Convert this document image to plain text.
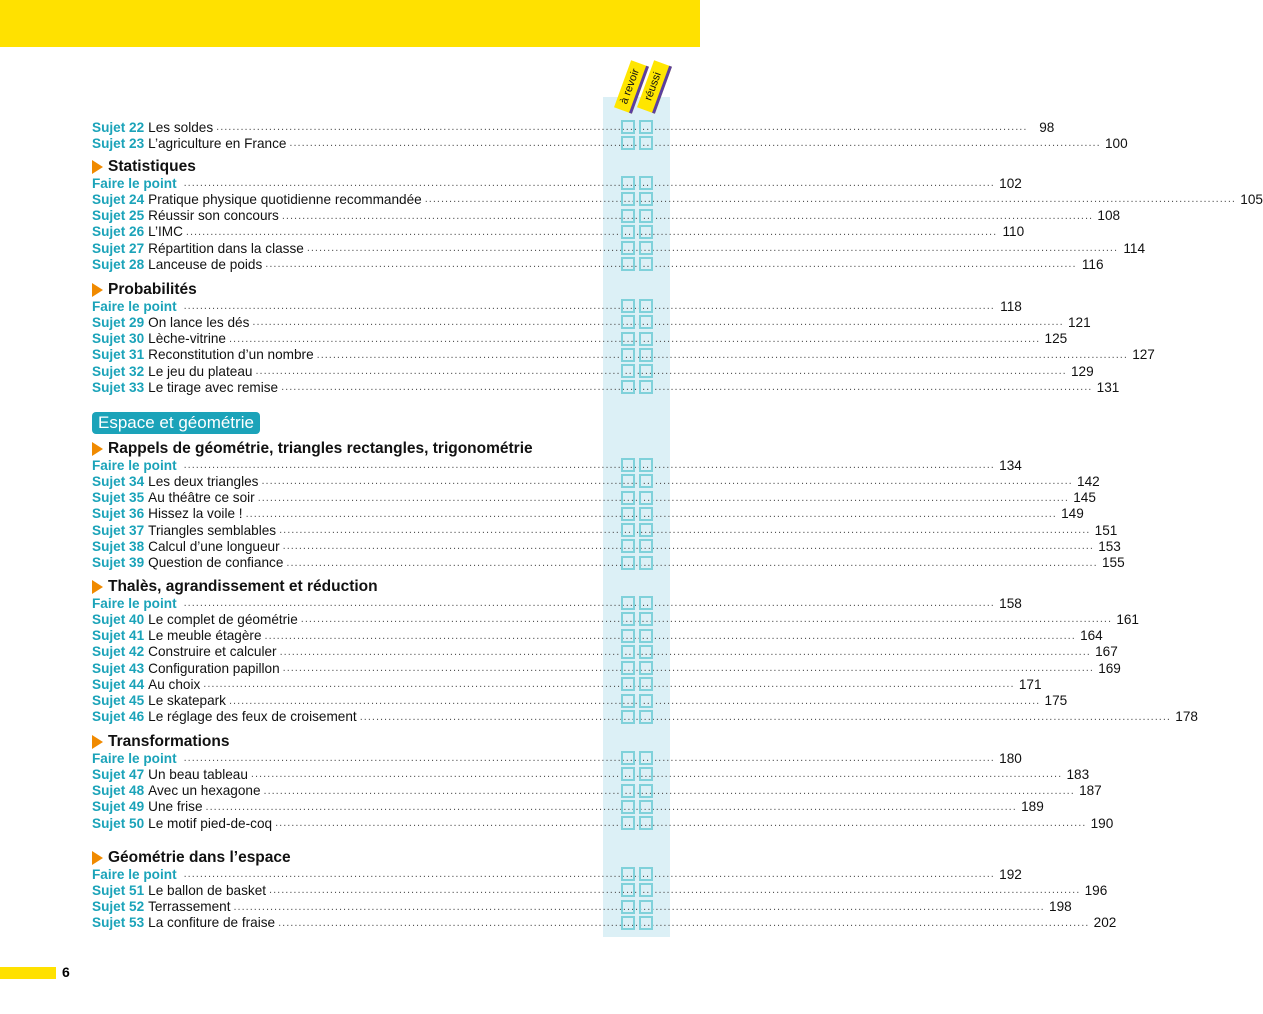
à revoir réussi
Espace et géométrie
Sujet 22 Les soldes ........................................................................................................................................................................................................ 98
Sujet 23 L’agriculture en France ........................................................................................................................................................................................................ 100
Statistiques
Faire le point ........................................................................................................................................................................................................ 102
Sujet 24 Pratique physique quotidienne recommandée ........................................................................................................................................................................................................ 105
Sujet 25 Réussir son concours ........................................................................................................................................................................................................ 108
Sujet 26 L’IMC ........................................................................................................................................................................................................ 110
Sujet 27 Répartition dans la classe ........................................................................................................................................................................................................ 114
Sujet 28 Lanceuse de poids ........................................................................................................................................................................................................ 116
Probabilités
Faire le point ........................................................................................................................................................................................................ 118
Sujet 29 On lance les dés ........................................................................................................................................................................................................ 121
Sujet 30 Lèche-vitrine ........................................................................................................................................................................................................ 125
Sujet 31 Reconstitution d’un nombre ........................................................................................................................................................................................................ 127
Sujet 32 Le jeu du plateau ........................................................................................................................................................................................................ 129
Sujet 33 Le tirage avec remise ........................................................................................................................................................................................................ 131
Rappels de géométrie, triangles rectangles, trigonométrie
Faire le point ........................................................................................................................................................................................................ 134
Sujet 34 Les deux triangles ........................................................................................................................................................................................................ 142
Sujet 35 Au théâtre ce soir ........................................................................................................................................................................................................ 145
Sujet 36 Hissez la voile ! ........................................................................................................................................................................................................ 149
Sujet 37 Triangles semblables ........................................................................................................................................................................................................ 151
Sujet 38 Calcul d’une longueur ........................................................................................................................................................................................................ 153
Sujet 39 Question de confiance ........................................................................................................................................................................................................ 155
Thalès, agrandissement et réduction
Faire le point ........................................................................................................................................................................................................ 158
Sujet 40 Le complet de géométrie ........................................................................................................................................................................................................ 161
Sujet 41 Le meuble étagère ........................................................................................................................................................................................................ 164
Sujet 42 Construire et calculer ........................................................................................................................................................................................................ 167
Sujet 43 Configuration papillon ........................................................................................................................................................................................................ 169
Sujet 44 Au choix ........................................................................................................................................................................................................ 171
Sujet 45 Le skatepark ........................................................................................................................................................................................................ 175
Sujet 46 Le réglage des feux de croisement ........................................................................................................................................................................................................ 178
Transformations
Faire le point ........................................................................................................................................................................................................ 180
Sujet 47 Un beau tableau ........................................................................................................................................................................................................ 183
Sujet 48 Avec un hexagone ........................................................................................................................................................................................................ 187
Sujet 49 Une frise ........................................................................................................................................................................................................ 189
Sujet 50 Le motif pied-de-coq ........................................................................................................................................................................................................ 190
Géométrie dans l’espace
Faire le point ........................................................................................................................................................................................................ 192
Sujet 51 Le ballon de basket ........................................................................................................................................................................................................ 196
Sujet 52 Terrassement ........................................................................................................................................................................................................ 198
Sujet 53 La confiture de fraise ........................................................................................................................................................................................................ 202
6
